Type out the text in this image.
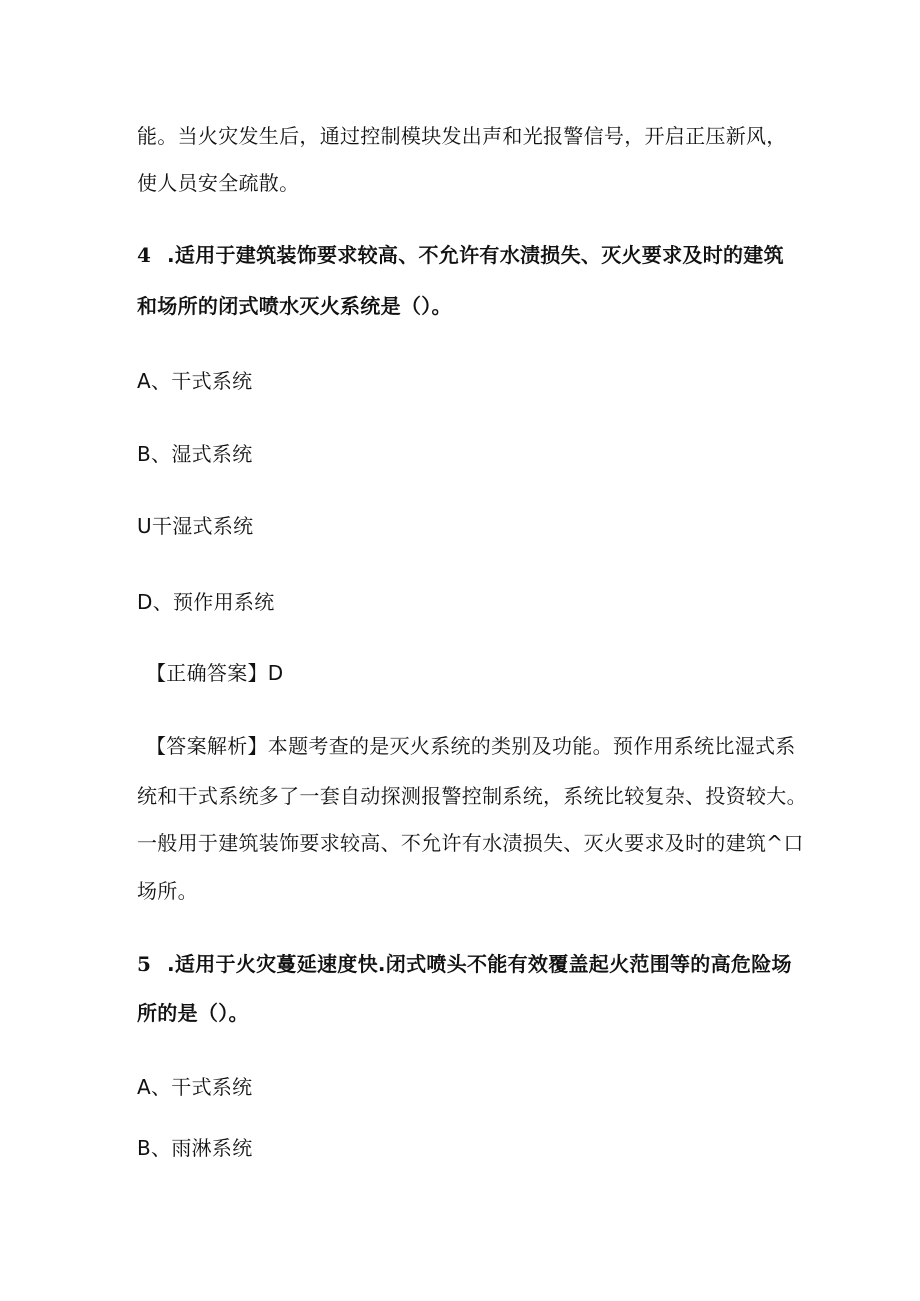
能。当火灾发生后，通过控制模块发出声和光报警信号，开启正压新风，
使人员安全疏散。
4 .适用于建筑装饰要求较高、不允许有水渍损失、灭火要求及时的建筑
和场所的闭式喷水灭火系统是（）。
A、干式系统
B、湿式系统
U干湿式系统
D、预作用系统
【正确答案】D
【答案解析】本题考查的是灭火系统的类别及功能。预作用系统比湿式系
统和干式系统多了一套自动探测报警控制系统，系统比较复杂、投资较大。
一般用于建筑装饰要求较高、不允许有水渍损失、灭火要求及时的建筑^口
场所。
5 .适用于火灾蔓延速度快.闭式喷头不能有效覆盖起火范围等的高危险场
所的是（）。
A、干式系统
B、雨淋系统
